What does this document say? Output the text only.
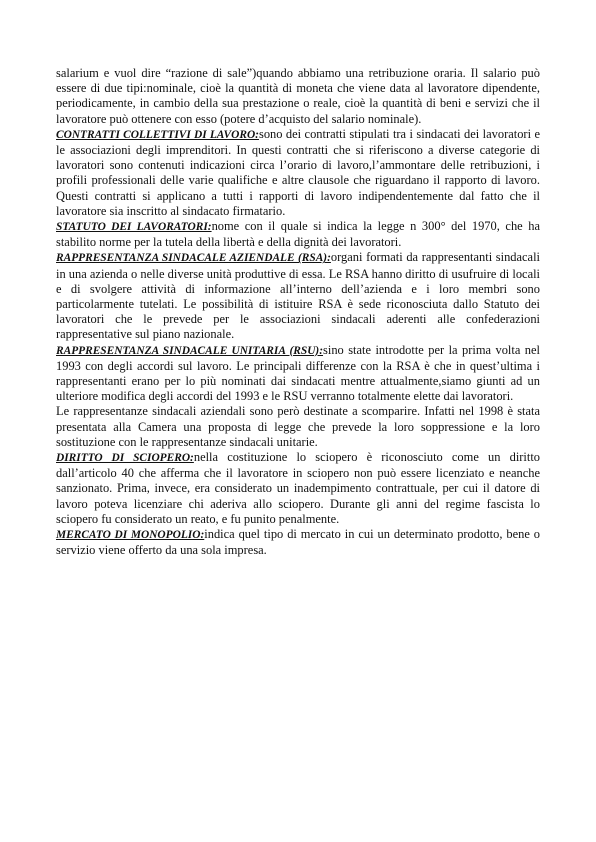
salarium e vuol dire “razione di sale”)quando abbiamo una retribuzione oraria. Il salario può essere di due tipi:nominale, cioè la quantità di moneta che viene data al lavoratore dipendente, periodicamente, in cambio della sua prestazione o reale, cioè la quantità di beni e servizi che il lavoratore può ottenere con esso (potere d’acquisto del salario nominale).

CONTRATTI COLLETTIVI DI LAVORO:sono dei contratti stipulati tra i sindacati dei lavoratori e le associazioni degli imprenditori. In questi contratti che si riferiscono a diverse categorie di lavoratori sono contenuti indicazioni circa l’orario di lavoro,l’ammontare delle retribuzioni, i profili professionali delle varie qualifiche e altre clausole che riguardano il rapporto di lavoro. Questi contratti si applicano a tutti i rapporti di lavoro indipendentemente dal fatto che il lavoratore sia inscritto al sindacato firmatario.

STATUTO DEI LAVORATORI:nome con il quale si indica la legge n 300° del 1970, che ha stabilito norme per la tutela della libertà e della dignità dei lavoratori.

RAPPRESENTANZA SINDACALE AZIENDALE (RSA):organi formati da rappresentanti sindacali in una azienda o nelle diverse unità produttive di essa. Le RSA hanno diritto di usufruire di locali e di svolgere attività di informazione all’interno dell’azienda e i loro membri sono particolarmente tutelati. Le possibilità di istituire RSA è sede riconosciuta dallo Statuto dei lavoratori che le prevede per le associazioni sindacali aderenti alle confederazioni rappresentative sul piano nazionale.

RAPPRESENTANZA SINDACALE UNITARIA (RSU):sino state introdotte per la prima volta nel 1993 con degli accordi sul lavoro. Le principali differenze con la RSA è che in quest’ultima i rappresentanti erano per lo più nominati dai sindacati mentre attualmente,siamo giunti ad un ulteriore modifica degli accordi del 1993 e le RSU verranno totalmente elette dai lavoratori.

Le rappresentanze sindacali aziendali sono però destinate a scomparire. Infatti nel 1998 è stata presentata alla Camera una proposta di legge che prevede la loro soppressione e la loro sostituzione con le rappresentanze sindacali unitarie.

DIRITTO DI SCIOPERO:nella costituzione lo sciopero è riconosciuto come un diritto dall’articolo 40 che afferma che il lavoratore in sciopero non può essere licenziato e neanche sanzionato. Prima, invece, era considerato un inadempimento contrattuale, per cui il datore di lavoro poteva licenziare chi aderiva allo sciopero. Durante gli anni del regime fascista lo sciopero fu considerato un reato, e fu punito penalmente.

MERCATO DI MONOPOLIO:indica quel tipo di mercato in cui un determinato prodotto, bene o servizio viene offerto da una sola impresa.
